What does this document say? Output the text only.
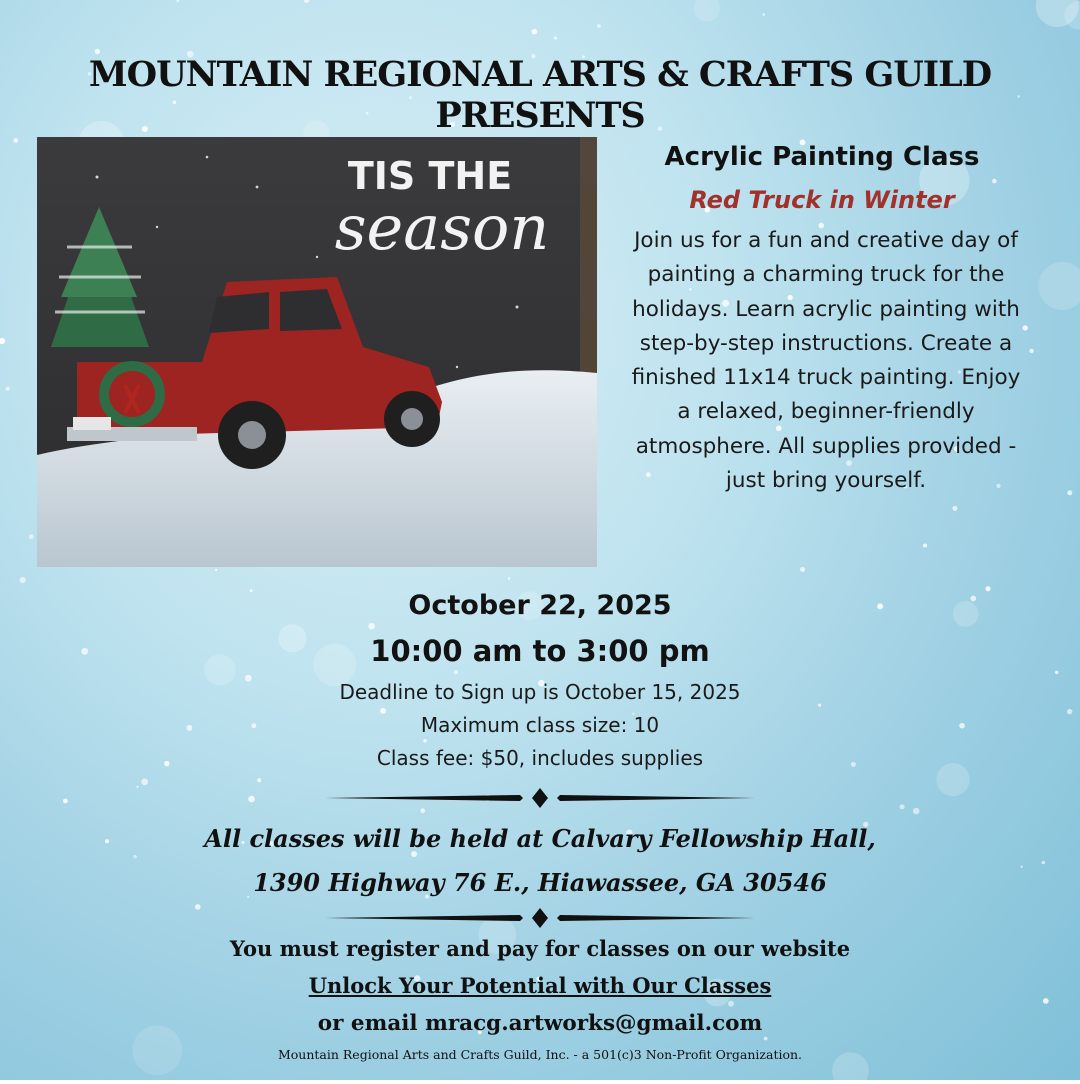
MOUNTAIN REGIONAL ARTS & CRAFTS GUILD PRESENTS
TIS THE
season
Acrylic Painting Class
Red Truck in Winter

Join us for a fun and creative day of painting a charming truck for the holidays. Learn acrylic painting with step-by-step instructions. Create a finished 11x14 truck painting. Enjoy a relaxed, beginner-friendly atmosphere. All supplies provided - just bring yourself.

October 22, 2025
10:00 am to 3:00 pm
Deadline to Sign up is October 15, 2025
Maximum class size: 10
Class fee: $50, includes supplies
All classes will be held at Calvary Fellowship Hall,
1390 Highway 76 E., Hiawassee, GA 30546
You must register and pay for classes on our website
Unlock Your Potential with Our Classes
or email mracg.artworks@gmail.com
Mountain Regional Arts and Crafts Guild, Inc. - a 501(c)3 Non-Profit Organization.
